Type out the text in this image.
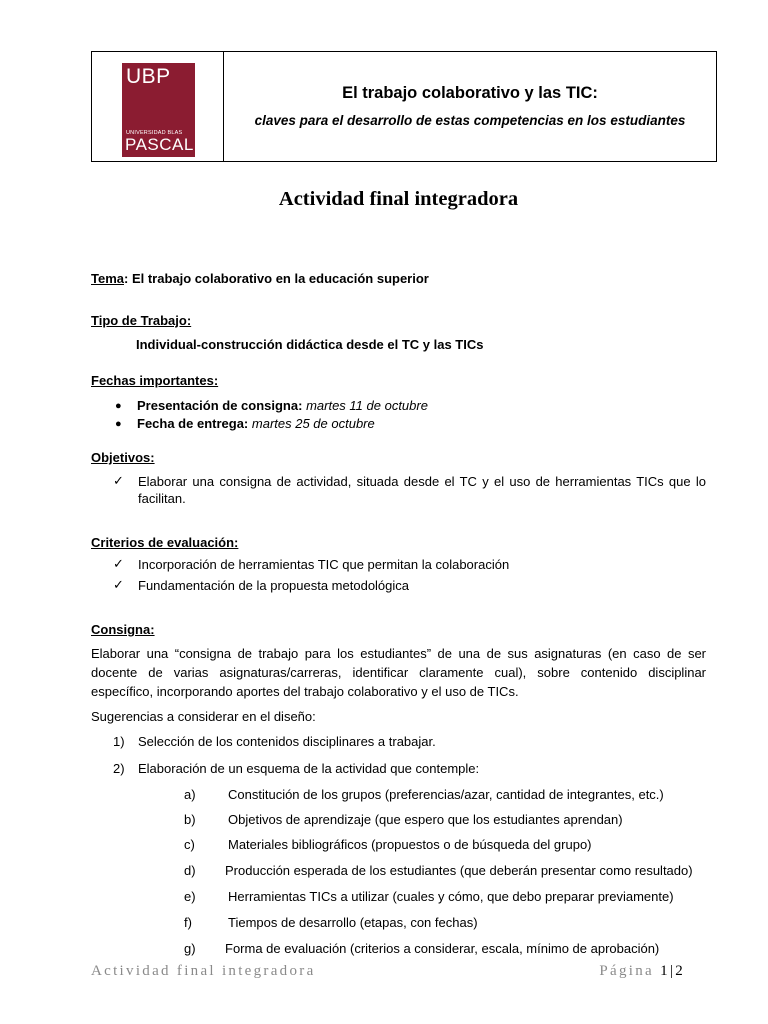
UBP
UNIVERSIDAD BLAS
PASCAL
El trabajo colaborativo y las TIC:
claves para el desarrollo de estas competencias en los estudiantes
Actividad final integradora
Tema: El trabajo colaborativo en la educación superior
Tipo de Trabajo:
Individual-construcción didáctica desde el TC y las TICs
Fechas importantes:
● Presentación de consigna: martes 11 de octubre
● Fecha de entrega: martes 25 de octubre
Objetivos:
✓ Elaborar una consigna de actividad, situada desde el TC y el uso de herramientas TICs que lo
facilitan.
Criterios de evaluación:
✓ Incorporación de herramientas TIC que permitan la colaboración
✓ Fundamentación de la propuesta metodológica
Consigna:
Elaborar una “consigna de trabajo para los estudiantes” de una de sus asignaturas (en caso de ser
docente de varias asignaturas/carreras, identificar claramente cual), sobre contenido disciplinar
específico, incorporando aportes del trabajo colaborativo y el uso de TICs.
Sugerencias a considerar en el diseño:
1) Selección de los contenidos disciplinares a trabajar.
2) Elaboración de un esquema de la actividad que contemple:
a) Constitución de los grupos (preferencias/azar, cantidad de integrantes, etc.)
b) Objetivos de aprendizaje (que espero que los estudiantes aprendan)
c)	Materiales bibliográficos (propuestos o de búsqueda del grupo)
d) Producción esperada de los estudiantes (que deberán presentar como resultado)
e) Herramientas TICs a utilizar (cuales y cómo, que debo preparar previamente)
f)	Tiempos de desarrollo (etapas, con fechas)
g) Forma de evaluación (criterios a considerar, escala, mínimo de aprobación)
Actividad final integradora	Página 1|2
